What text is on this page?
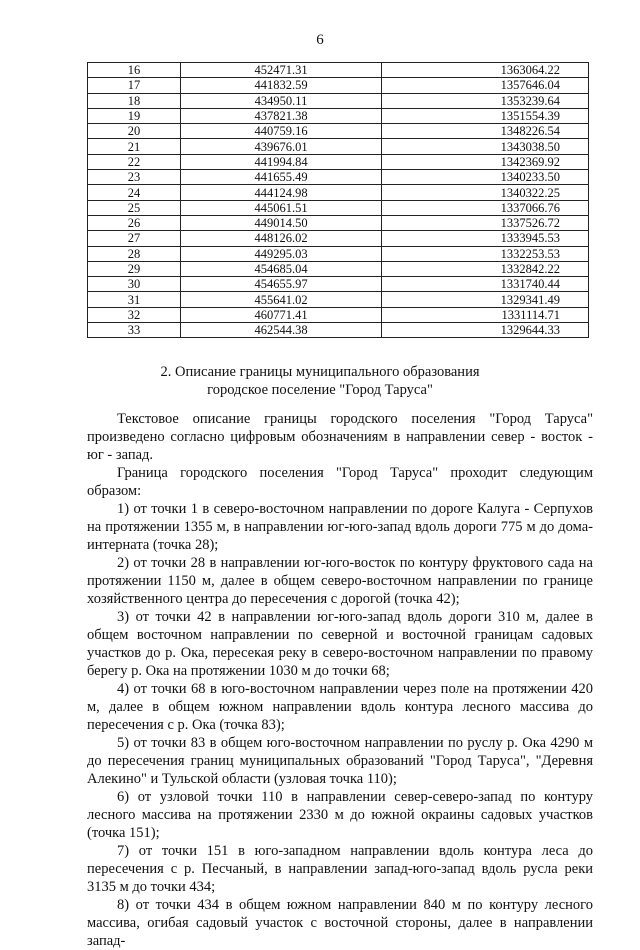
6
16	452471.31	1363064.22
17	441832.59	1357646.04
18	434950.11	1353239.64
19	437821.38	1351554.39
20	440759.16	1348226.54
21	439676.01	1343038.50
22	441994.84	1342369.92
23	441655.49	1340233.50
24	444124.98	1340322.25
25	445061.51	1337066.76
26	449014.50	1337526.72
27	448126.02	1333945.53
28	449295.03	1332253.53
29	454685.04	1332842.22
30	454655.97	1331740.44
31	455641.02	1329341.49
32	460771.41	1331114.71
33	462544.38	1329644.33
2. Описание границы муниципального образования
городское поселение "Город Таруса"

Текстовое описание границы городского поселения "Город Таруса" произведено согласно цифровым обозначениям в направлении север - восток - юг - запад.

Граница городского поселения "Город Таруса" проходит следующим образом:

1) от точки 1 в северо-восточном направлении по дороге Калуга - Серпухов на протяжении 1355 м, в направлении юг-юго-запад вдоль дороги 775 м до дома-интерната (точка 28);

2) от точки 28 в направлении юг-юго-восток по контуру фруктового сада на протяжении 1150 м, далее в общем северо-восточном направлении по границе хозяйственного центра до пересечения с дорогой (точка 42);

3) от точки 42 в направлении юг-юго-запад вдоль дороги 310 м, далее в общем восточном направлении по северной и восточной границам садовых участков до р. Ока, пересекая реку в северо-восточном направлении по правому берегу р. Ока на протяжении 1030 м до точки 68;

4) от точки 68 в юго-восточном направлении через поле на протяжении 420 м, далее в общем южном направлении вдоль контура лесного массива до пересечения с р. Ока (точка 83);

5) от точки 83 в общем юго-восточном направлении по руслу р. Ока 4290 м до пересечения границ муниципальных образований "Город Таруса", "Деревня Алекино" и Тульской области (узловая точка 110);

6) от узловой точки 110 в направлении север-северо-запад по контуру лесного массива на протяжении 2330 м до южной окраины садовых участков (точка 151);

7) от точки 151 в юго-западном направлении вдоль контура леса до пересечения с р. Песчаный, в направлении запад-юго-запад вдоль русла реки 3135 м до точки 434;

8) от точки 434 в общем южном направлении 840 м по контуру лесного массива, огибая садовый участок с восточной стороны, далее в направлении запад-
